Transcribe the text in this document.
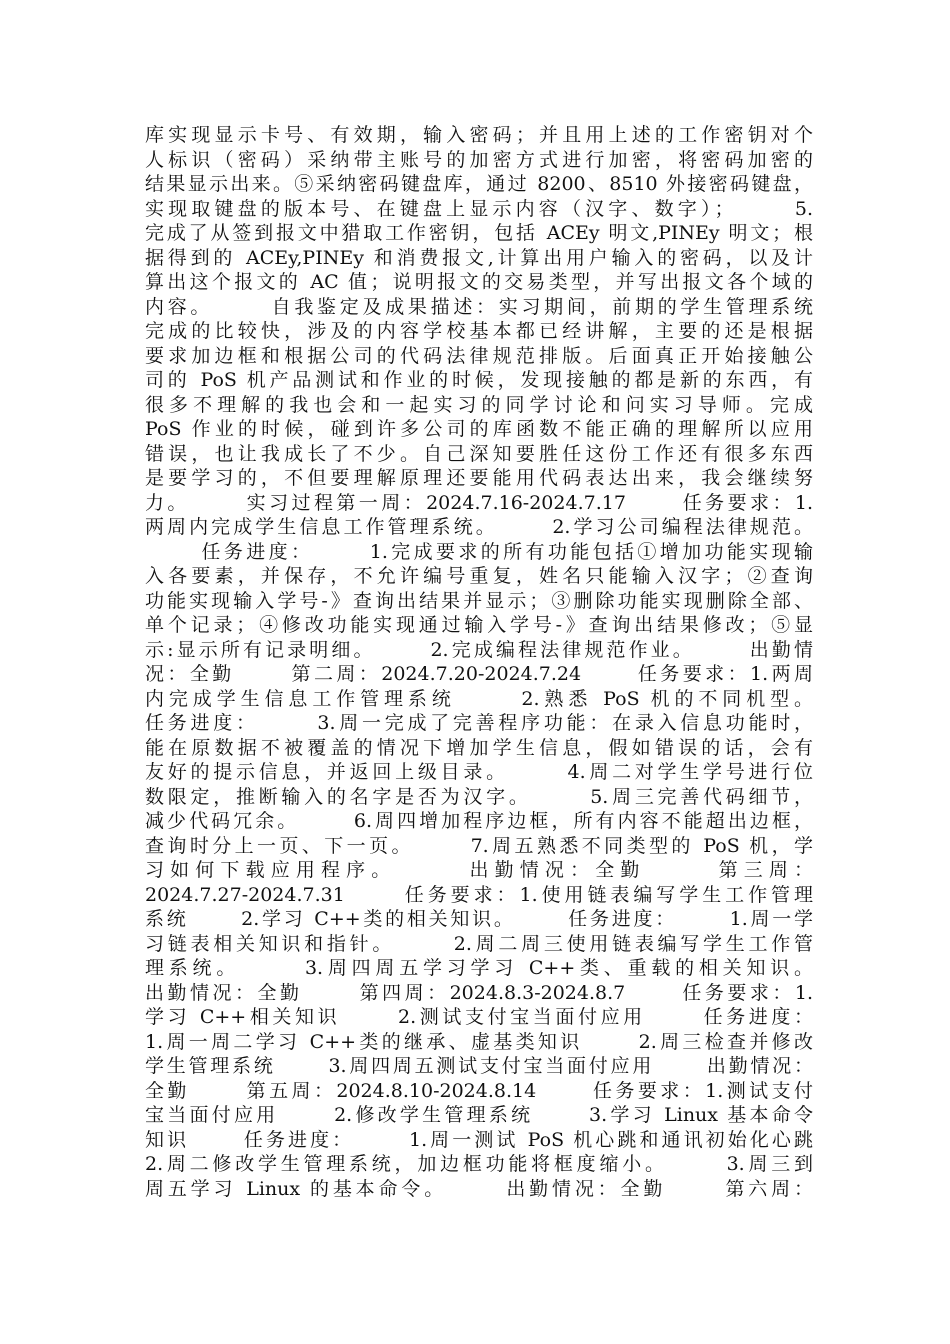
库实现显示卡号、有效期，输入密码；并且用上述的工作密钥对个
人标识（密码）采纳带主账号的加密方式进行加密，将密码加密的
结果显示出来。⑤采纳密码键盘库，通过 8200、8510 外接密码键盘，
实现取键盘的版本号、在键盘上显示内容（汉字、数字）；      5.
完成了从签到报文中猎取工作密钥，包括 ACEy 明文,PINEy 明文；根
据得到的 ACEy,PINEy 和消费报文,计算出用户输入的密码，以及计
算出这个报文的 AC 值；说明报文的交易类型，并写出报文各个域的
内容。      自我鉴定及成果描述：实习期间，前期的学生管理系统
完成的比较快，涉及的内容学校基本都已经讲解，主要的还是根据
要求加边框和根据公司的代码法律规范排版。后面真正开始接触公
司的 PoS 机产品测试和作业的时候，发现接触的都是新的东西，有
很多不理解的我也会和一起实习的同学讨论和问实习导师。完成
PoS 作业的时候，碰到许多公司的库函数不能正确的理解所以应用
错误，也让我成长了不少。自己深知要胜任这份工作还有很多东西
是要学习的，不但要理解原理还要能用代码表达出来，我会继续努
力。      实习过程第一周：2024.7.16-2024.7.17      任务要求：1.
两周内完成学生信息工作管理系统。      2.学习公司编程法律规范。
任务进度：      1.完成要求的所有功能包括①增加功能实现输
入各要素，并保存，不允许编号重复，姓名只能输入汉字；②查询
功能实现输入学号-》查询出结果并显示；③删除功能实现删除全部、
单个记录；④修改功能实现通过输入学号-》查询出结果修改；⑤显
示:显示所有记录明细。      2.完成编程法律规范作业。      出勤情
况：全勤      第二周：2024.7.20-2024.7.24      任务要求：1.两周
内完成学生信息工作管理系统      2.熟悉 PoS 机的不同机型。
任务进度：      3.周一完成了完善程序功能：在录入信息功能时，
能在原数据不被覆盖的情况下增加学生信息，假如错误的话，会有
友好的提示信息，并返回上级目录。      4.周二对学生学号进行位
数限定，推断输入的名字是否为汉字。      5.周三完善代码细节，
减少代码冗余。      6.周四增加程序边框，所有内容不能超出边框，
查询时分上一页、下一页。      7.周五熟悉不同类型的 PoS 机，学
习如何下载应用程序。      出勤情况：全勤      第三周：
2024.7.27-2024.7.31      任务要求：1.使用链表编写学生工作管理
系统      2.学习 C++类的相关知识。      任务进度：      1.周一学
习链表相关知识和指针。      2.周二周三使用链表编写学生工作管
理系统。      3.周四周五学习学习 C++类、重载的相关知识。
出勤情况：全勤      第四周：2024.8.3-2024.8.7      任务要求：1.
学习 C++相关知识      2.测试支付宝当面付应用      任务进度：
1.周一周二学习 C++类的继承、虚基类知识      2.周三检查并修改
学生管理系统      3.周四周五测试支付宝当面付应用      出勤情况：
全勤      第五周：2024.8.10-2024.8.14      任务要求：1.测试支付
宝当面付应用      2.修改学生管理系统      3.学习 Linux 基本命令
知识      任务进度：      1.周一测试 PoS 机心跳和通讯初始化心跳
2.周二修改学生管理系统，加边框功能将框度缩小。      3.周三到
周五学习 Linux 的基本命令。      出勤情况：全勤      第六周：
